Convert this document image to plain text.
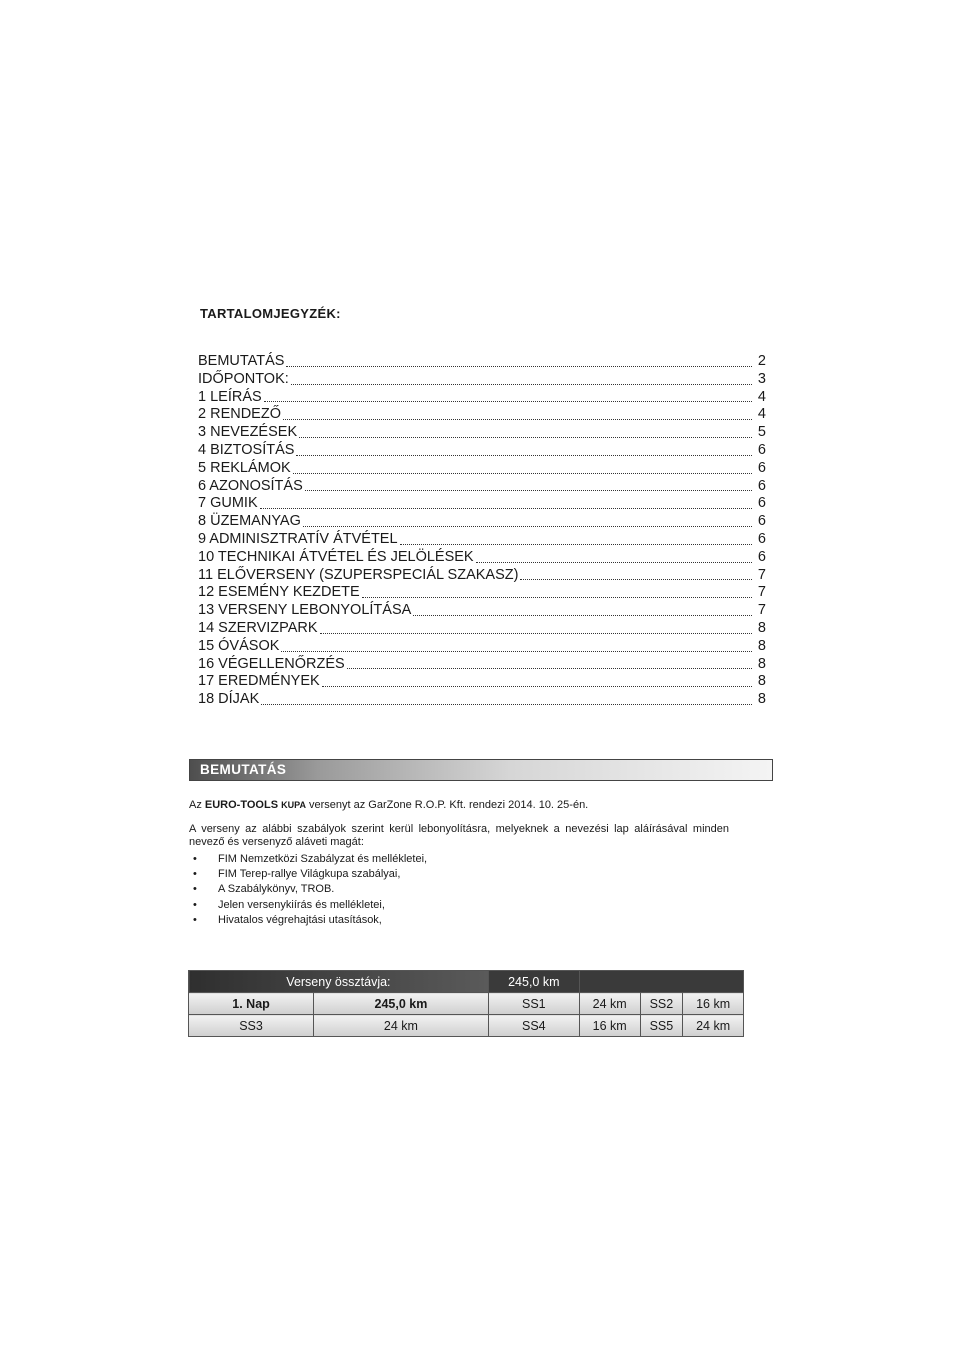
TARTALOMJEGYZÉK:
BEMUTATÁS	2
IDŐPONTOK:	3
1 LEÍRÁS	4
2 RENDEZŐ	4
3 NEVEZÉSEK	5
4 BIZTOSÍTÁS	6
5 REKLÁMOK	6
6 AZONOSÍTÁS	6
7 GUMIK	6
8 ÜZEMANYAG	6
9 ADMINISZTRATÍV ÁTVÉTEL	6
10 TECHNIKAI ÁTVÉTEL ÉS JELÖLÉSEK	6
11 ELŐVERSENY (SZUPERSPECIÁL SZAKASZ)	7
12 ESEMÉNY KEZDETE	7
13 VERSENY LEBONYOLÍTÁSA	7
14 SZERVIZPARK	8
15 ÓVÁSOK	8
16 VÉGELLENŐRZÉS	8
17 EREDMÉNYEK	8
18 DÍJAK	8
BEMUTATÁS
Az EURO-TOOLS KUPA versenyt az GarZone R.O.P. Kft. rendezi 2014. 10. 25-én.
A verseny az alábbi szabályok szerint kerül lebonyolításra, melyeknek a nevezési lap aláírásával minden nevező és versenyző aláveti magát:
• FIM Nemzetközi Szabályzat és mellékletei,
• FIM Terep-rallye Világkupa szabályai,
• A Szabálykönyv, TROB.
• Jelen versenykiírás és mellékletei,
• Hivatalos végrehajtási utasítások,
Verseny össztávja:		245,0 km			
1. Nap	245,0 km	SS1	24 km	SS2	16 km
SS3	24 km	SS4	16 km	SS5	24 km
